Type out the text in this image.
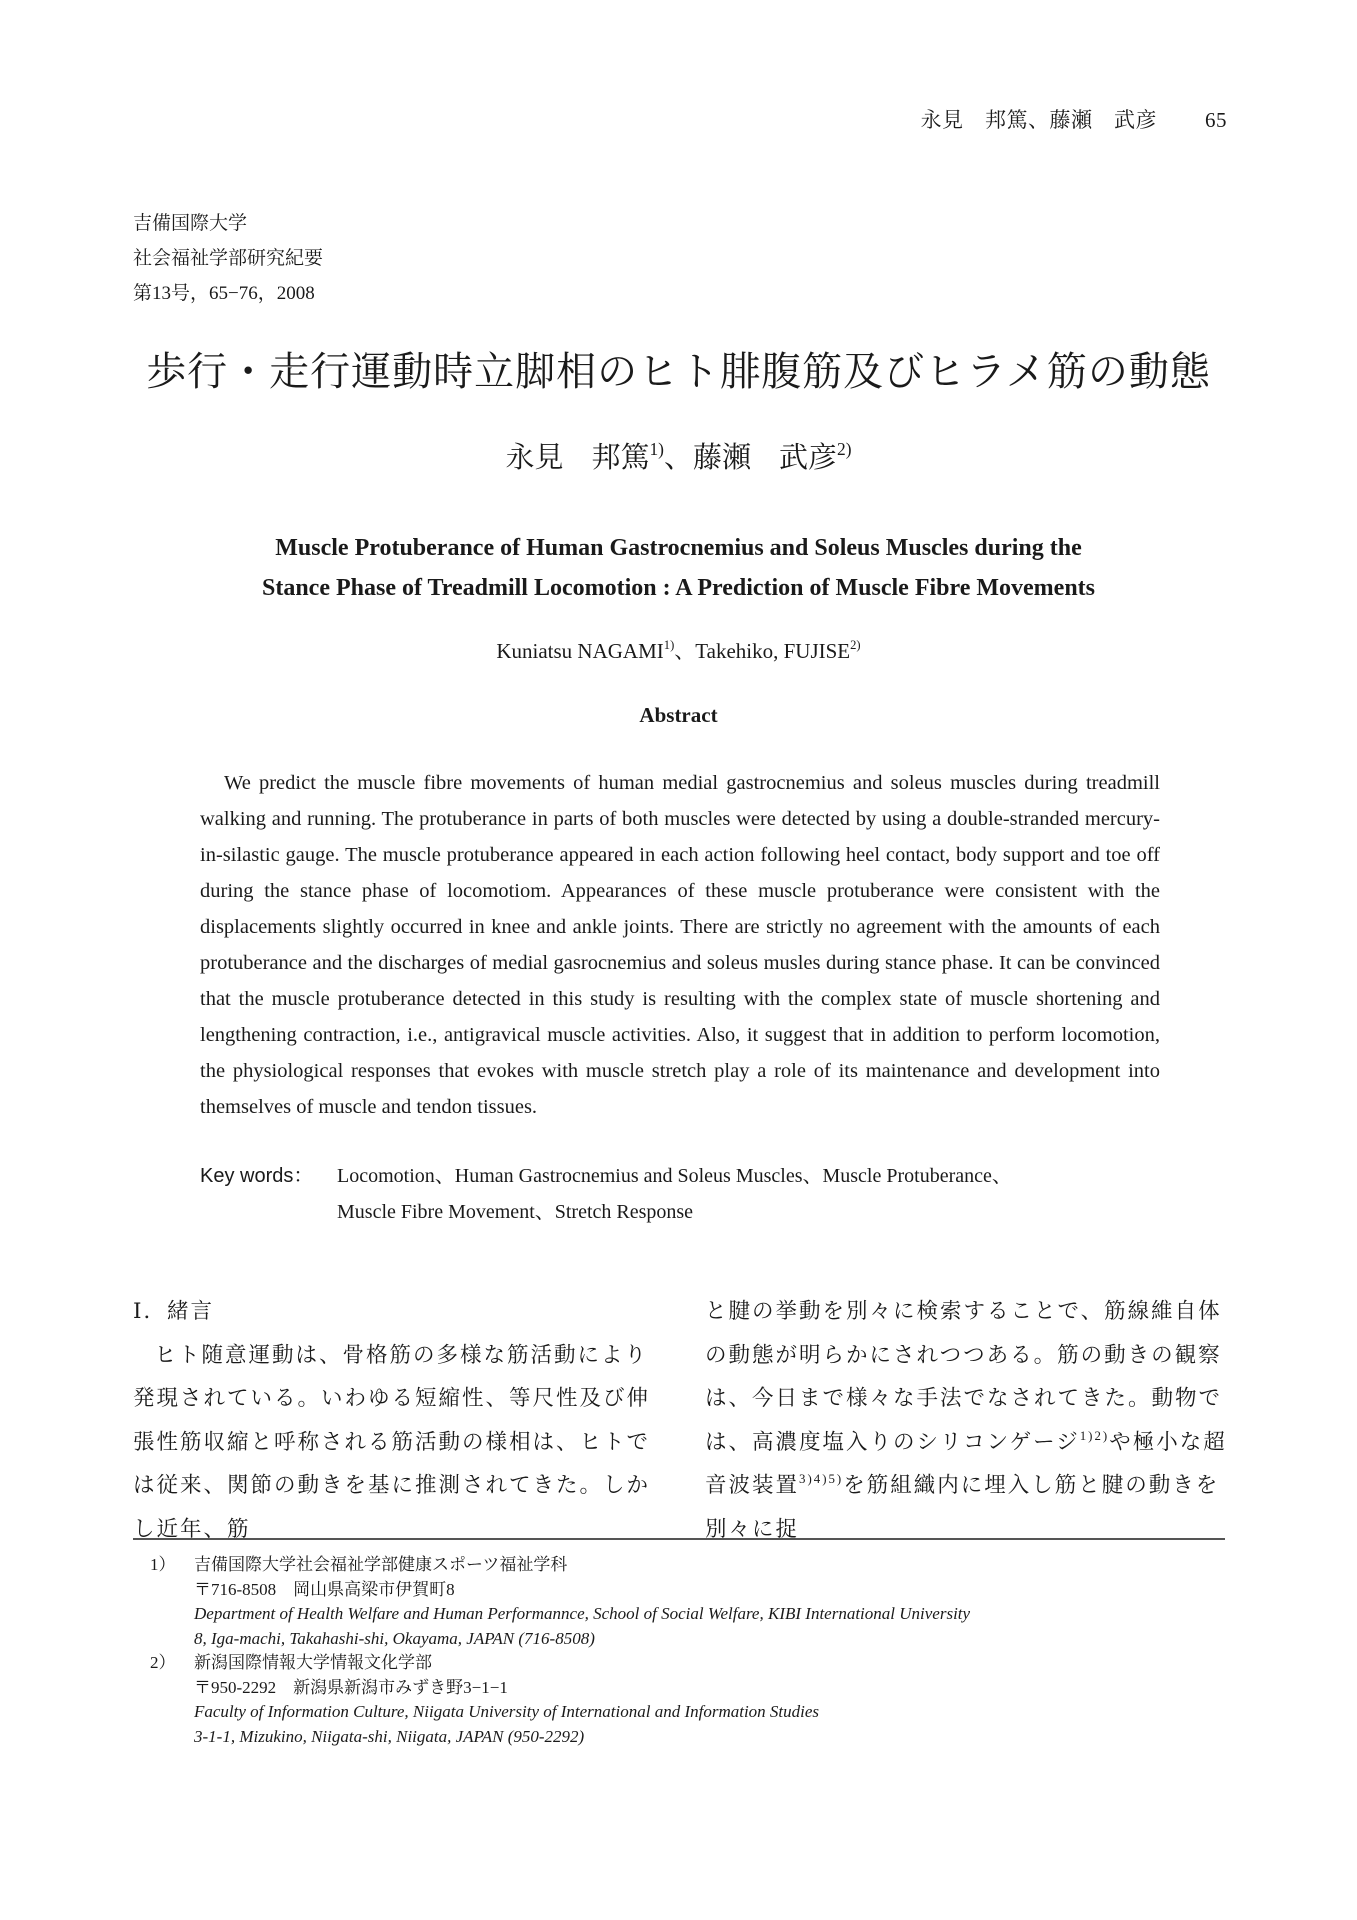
永見　邦篤、藤瀬　武彦 65
吉備国際大学
社会福祉学部研究紀要
第13号，65−76，2008
歩行・走行運動時立脚相のヒト腓腹筋及びヒラメ筋の動態
永見 邦篤$^{1)}$、藤瀬 武彦$^{2)}$
Muscle Protuberance of Human Gastrocnemius and Soleus Muscles during the
Stance Phase of Treadmill Locomotion : A Prediction of Muscle Fibre Movements
Kuniatsu NAGAMI$^{1)}$、Takehiko, FUJISE$^{2)}$
Abstract
We predict the muscle fibre movements of human medial gastrocnemius and soleus muscles during treadmill walking and running. The protuberance in parts of both muscles were detected by using a double-stranded mercury-in-silastic gauge. The muscle protuberance appeared in each action following heel contact, body support and toe off during the stance phase of locomotiom. Appearances of these muscle protuberance were consistent with the displacements slightly occurred in knee and ankle joints. There are strictly no agreement with the amounts of each protuberance and the discharges of medial gasrocnemius and soleus musles during stance phase. It can be convinced that the muscle protuberance detected in this study is resulting with the complex state of muscle shortening and lengthening contraction, i.e., antigravical muscle activities. Also, it suggest that in addition to perform locomotion, the physiological responses that evokes with muscle stretch play a role of its maintenance and development into themselves of muscle and tendon tissues.
Key words： Locomotion、Human Gastrocnemius and Soleus Muscles、Muscle Protuberance、
Muscle Fibre Movement、Stretch Response
Ⅰ．緒言

ヒト随意運動は、骨格筋の多様な筋活動により発現されている。いわゆる短縮性、等尺性及び伸張性筋収縮と呼称される筋活動の様相は、ヒトでは従来、関節の動きを基に推測されてきた。しかし近年、筋

と腱の挙動を別々に検索することで、筋線維自体の動態が明らかにされつつある。筋の動きの観察は、今日まで様々な手法でなされてきた。動物では、高濃度塩入りのシリコンゲージ$^{1)2)}$や極小な超音波装置$^{3)4)5)}$を筋組織内に埋入し筋と腱の動きを別々に捉

1） 吉備国際大学社会福祉学部健康スポーツ福祉学科
〒716-8508　岡山県高梁市伊賀町8
Department of Health Welfare and Human Performannce, School of Social Welfare, KIBI International University
8, Iga-machi, Takahashi-shi, Okayama, JAPAN (716-8508)
2） 新潟国際情報大学情報文化学部
〒950-2292　新潟県新潟市みずき野3−1−1
Faculty of Information Culture, Niigata University of International and Information Studies
3-1-1, Mizukino, Niigata-shi, Niigata, JAPAN (950-2292)
